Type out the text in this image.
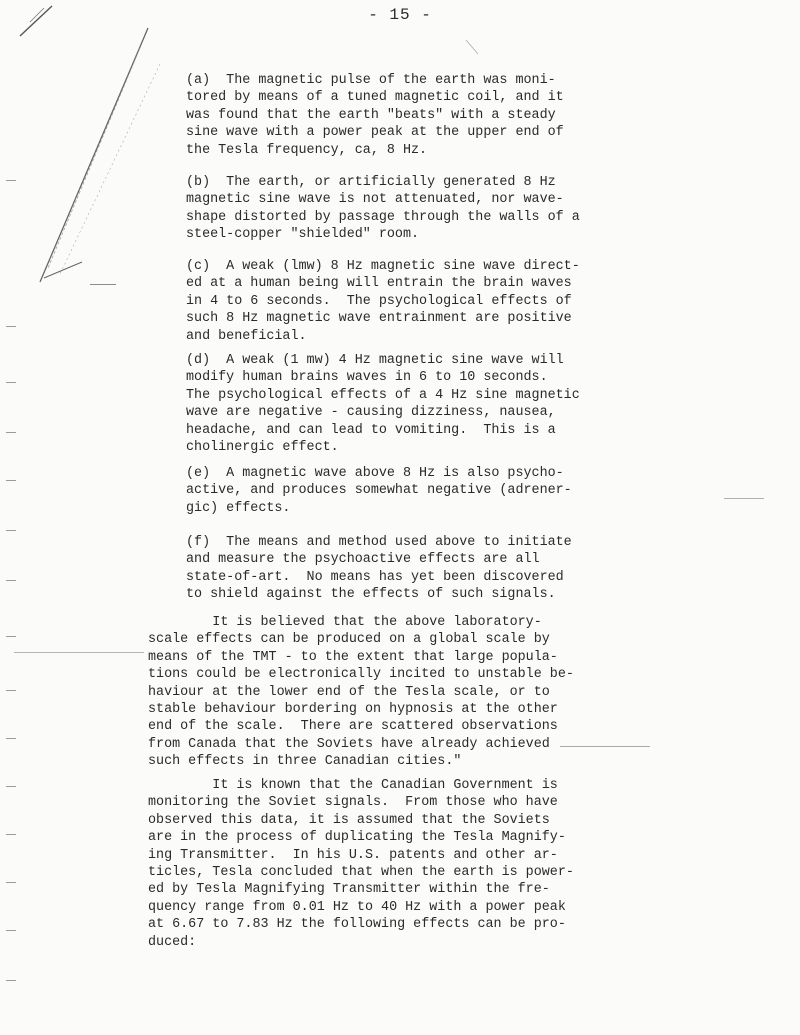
- 15 -

(a)  The magnetic pulse of the earth was moni-
tored by means of a tuned magnetic coil, and it
was found that the earth "beats" with a steady
sine wave with a power peak at the upper end of
the Tesla frequency, ca, 8 Hz.

(b)  The earth, or artificially generated 8 Hz
magnetic sine wave is not attenuated, nor wave-
shape distorted by passage through the walls of a
steel-copper "shielded" room.

(c)  A weak (lmw) 8 Hz magnetic sine wave direct-
ed at a human being will entrain the brain waves
in 4 to 6 seconds.  The psychological effects of
such 8 Hz magnetic wave entrainment are positive
and beneficial.

(d)  A weak (1 mw) 4 Hz magnetic sine wave will
modify human brains waves in 6 to 10 seconds.
The psychological effects of a 4 Hz sine magnetic
wave are negative - causing dizziness, nausea,
headache, and can lead to vomiting.  This is a
cholinergic effect.

(e)  A magnetic wave above 8 Hz is also psycho-
active, and produces somewhat negative (adrener-
gic) effects.

(f)  The means and method used above to initiate
and measure the psychoactive effects are all
state-of-art.  No means has yet been discovered
to shield against the effects of such signals.

It is believed that the above laboratory-
scale effects can be produced on a global scale by
means of the TMT - to the extent that large popula-
tions could be electronically incited to unstable be-
haviour at the lower end of the Tesla scale, or to
stable behaviour bordering on hypnosis at the other
end of the scale.  There are scattered observations
from Canada that the Soviets have already achieved
such effects in three Canadian cities."

It is known that the Canadian Government is
monitoring the Soviet signals.  From those who have
observed this data, it is assumed that the Soviets
are in the process of duplicating the Tesla Magnify-
ing Transmitter.  In his U.S. patents and other ar-
ticles, Tesla concluded that when the earth is power-
ed by Tesla Magnifying Transmitter within the fre-
quency range from 0.01 Hz to 40 Hz with a power peak
at 6.67 to 7.83 Hz the following effects can be pro-
duced:
